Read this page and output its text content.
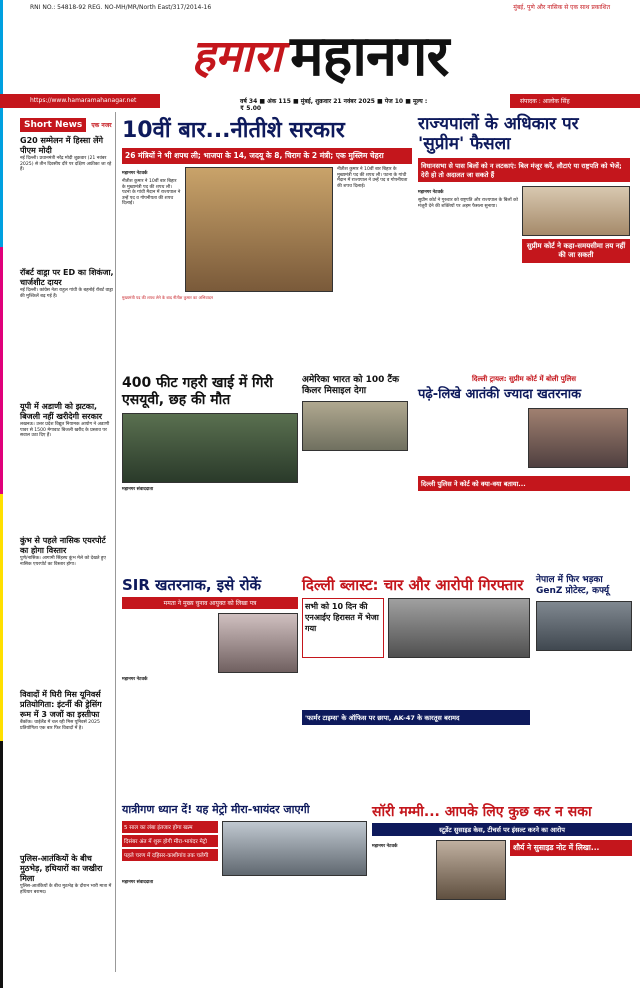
RNI NO.: 54818-92 REG. NO-MH/MR/North East/317/2014-16	मुंबई, पुणे और नासिक से एक साथ प्रकाशित
हमारा महानगर
https://www.hamaramahanagar.net	वर्ष 34 ■ अंक 115 ■ मुंबई, शुक्रवार 21 नवंबर 2025 ■ पेज 10 ■ मूल्य : ₹ 5.00
संपादक : आलोक सिंह
Short News एक नजर
G20 सम्मेलन में हिस्सा लेंगे पीएम मोदी
नई दिल्ली। प्रधानमंत्री नरेंद्र मोदी शुक्रवार (21 नवंबर 2025) से तीन दिवसीय दौरे पर दक्षिण अफ्रीका जा रहे हैं।
रॉबर्ट वाड्रा पर ED का शिकंजा, चार्जशीट दायर
नई दिल्ली। कांग्रेस नेता राहुल गांधी के बहनोई रॉबर्ट वाड्रा की मुश्किलें बढ़ गई हैं।
यूपी में अडाणी को झटका, बिजली नहीं खरीदेगी सरकार
लखनऊ। उत्तर प्रदेश विद्युत नियामक आयोग ने अडाणी पावर से 1500 मेगावाट बिजली खरीद के प्रस्ताव पर सवाल उठा दिए हैं।
कुंभ से पहले नासिक एयरपोर्ट का होगा विस्तार
पुणे/नासिक। आगामी सिंहस्थ कुंभ मेले को देखते हुए नासिक एयरपोर्ट का विस्तार होगा।
विवादों में घिरी मिस यूनिवर्स प्रतियोगिता: इंटर्नी की ड्रेसिंग रूम में 3 जजों का इस्तीफा
बैंकॉक। थाईलैंड में चल रही मिस यूनिवर्स 2025 प्रतियोगिता एक बार फिर विवादों में है।
पुलिस-आतंकियों के बीच मुठभेड़, हथियारों का जखीरा मिला
पुलिस-आतंकियों के बीच मुठभेड़ के दौरान भारी मात्रा में हथियार बरामद।
10वीं बार...नीतीशे सरकार
26 मंत्रियों ने भी शपथ ली; भाजपा के 14, जदयू के 8, चिराग के 2 मंत्री; एक मुस्लिम चेहरा
महानगर नेटवर्क
नीतीश कुमार ने 10वीं बार बिहार के मुख्यमंत्री पद की शपथ ली। पटना के गांधी मैदान में राज्यपाल ने उन्हें पद व गोपनीयता की शपथ दिलाई।
नीतीश कुमार ने 10वीं बार बिहार के मुख्यमंत्री पद की शपथ ली। पटना के गांधी मैदान में राज्यपाल ने उन्हें पद व गोपनीयता की शपथ दिलाई।
मुख्यमंत्री पद की शपथ लेने के बाद नीतीश कुमार का अभिवादन
राज्यपालों के अधिकार पर 'सुप्रीम' फैसला
विधानसभा से पास बिलों को न लटकाएं: बिल मंजूर करें, लौटाएं या राष्ट्रपति को भेजें; देरी हो तो अदालत जा सकते हैं
महानगर नेटवर्क
सुप्रीम कोर्ट ने गुरुवार को राष्ट्रपति और राज्यपाल के बिलों को मंजूरी देने की शक्तियों पर अहम फैसला सुनाया।
सुप्रीम कोर्ट ने कहा-समयसीमा तय नहीं की जा सकती
400 फीट गहरी खाई में गिरी एसयूवी, छह की मौत
महानगर संवाददाता
अमेरिका भारत को 100 टैंक किलर मिसाइल देगा
दिल्ली ट्रायल: सुप्रीम कोर्ट में बोली पुलिस
पढ़े-लिखे आतंकी ज्यादा खतरनाक
दिल्ली पुलिस ने कोर्ट को क्या-क्या बताया...
SIR खतरनाक, इसे रोकें
ममता ने मुख्य चुनाव आयुक्त को लिखा पत्र
महानगर नेटवर्क
दिल्ली ब्लास्ट: चार और आरोपी गिरफ्तार
सभी को 10 दिन की एनआईए हिरासत में भेजा गया
'फार्मर टाइम्स' के ऑफिस पर छापा, AK-47 के कारतूस बरामद
नेपाल में फिर भड़का GenZ प्रोटेस्ट, कर्फ्यू
यात्रीगण ध्यान दें! यह मेट्रो मीरा-भायंदर जाएगी
5 साल का लंबा इंतजार होगा खत्म
दिसंबर अंत में शुरू होगी मीरा-भायंदर मेट्रो
पहले चरण में दहिसर-काशीगांव तक चलेगी
महानगर संवाददाता
सॉरी मम्मी... आपके लिए कुछ कर न सका
स्टूडेंट सुसाइड केस, टीचर्स पर इंसल्ट करने का आरोप
महानगर नेटवर्क	शौर्य ने सुसाइड नोट में लिखा...
